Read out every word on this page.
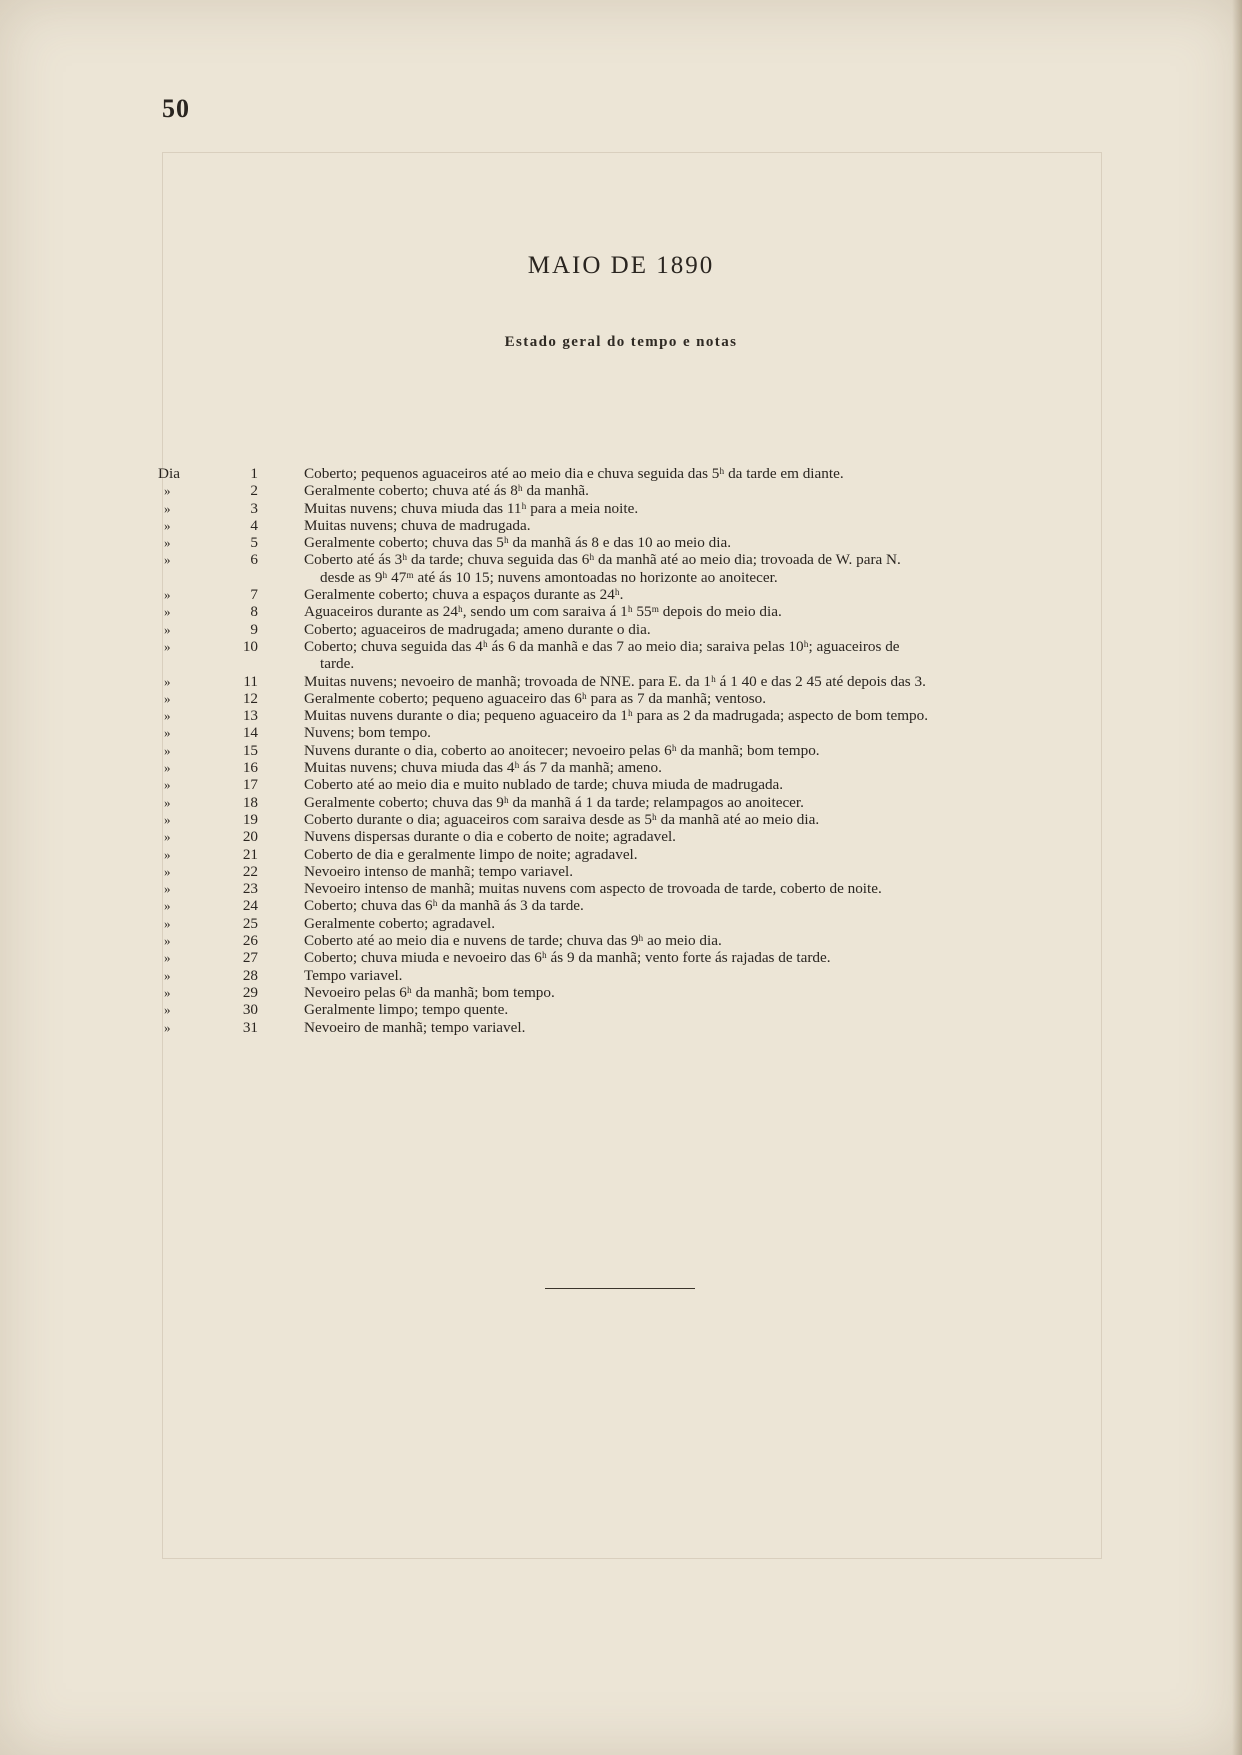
50
MAIO DE 1890
Estado geral do tempo e notas
Dia	1	Coberto; pequenos aguaceiros até ao meio dia e chuva seguida das 5ʰ da tarde em diante.
»	2	Geralmente coberto; chuva até ás 8ʰ da manhã.
»	3	Muitas nuvens; chuva miuda das 11ʰ para a meia noite.
»	4	Muitas nuvens; chuva de madrugada.
»	5	Geralmente coberto; chuva das 5ʰ da manhã ás 8 e das 10 ao meio dia.
»	6	Coberto até ás 3ʰ da tarde; chuva seguida das 6ʰ da manhã até ao meio dia; trovoada de W. para N.
desde as 9ʰ 47ᵐ até ás 10 15; nuvens amontoadas no horizonte ao anoitecer.
»	7	Geralmente coberto; chuva a espaços durante as 24ʰ.
»	8	Aguaceiros durante as 24ʰ, sendo um com saraiva á 1ʰ 55ᵐ depois do meio dia.
»	9	Coberto; aguaceiros de madrugada; ameno durante o dia.
»	10	Coberto; chuva seguida das 4ʰ ás 6 da manhã e das 7 ao meio dia; saraiva pelas 10ʰ; aguaceiros de
tarde.
»	11	Muitas nuvens; nevoeiro de manhã; trovoada de NNE. para E. da 1ʰ á 1 40 e das 2 45 até depois das 3.
»	12	Geralmente coberto; pequeno aguaceiro das 6ʰ para as 7 da manhã; ventoso.
»	13	Muitas nuvens durante o dia; pequeno aguaceiro da 1ʰ para as 2 da madrugada; aspecto de bom tempo.
»	14	Nuvens; bom tempo.
»	15	Nuvens durante o dia, coberto ao anoitecer; nevoeiro pelas 6ʰ da manhã; bom tempo.
»	16	Muitas nuvens; chuva miuda das 4ʰ ás 7 da manhã; ameno.
»	17	Coberto até ao meio dia e muito nublado de tarde; chuva miuda de madrugada.
»	18	Geralmente coberto; chuva das 9ʰ da manhã á 1 da tarde; relampagos ao anoitecer.
»	19	Coberto durante o dia; aguaceiros com saraiva desde as 5ʰ da manhã até ao meio dia.
»	20	Nuvens dispersas durante o dia e coberto de noite; agradavel.
»	21	Coberto de dia e geralmente limpo de noite; agradavel.
»	22	Nevoeiro intenso de manhã; tempo variavel.
»	23	Nevoeiro intenso de manhã; muitas nuvens com aspecto de trovoada de tarde, coberto de noite.
»	24	Coberto; chuva das 6ʰ da manhã ás 3 da tarde.
»	25	Geralmente coberto; agradavel.
»	26	Coberto até ao meio dia e nuvens de tarde; chuva das 9ʰ ao meio dia.
»	27	Coberto; chuva miuda e nevoeiro das 6ʰ ás 9 da manhã; vento forte ás rajadas de tarde.
»	28	Tempo variavel.
»	29	Nevoeiro pelas 6ʰ da manhã; bom tempo.
»	30	Geralmente limpo; tempo quente.
»	31	Nevoeiro de manhã; tempo variavel.
